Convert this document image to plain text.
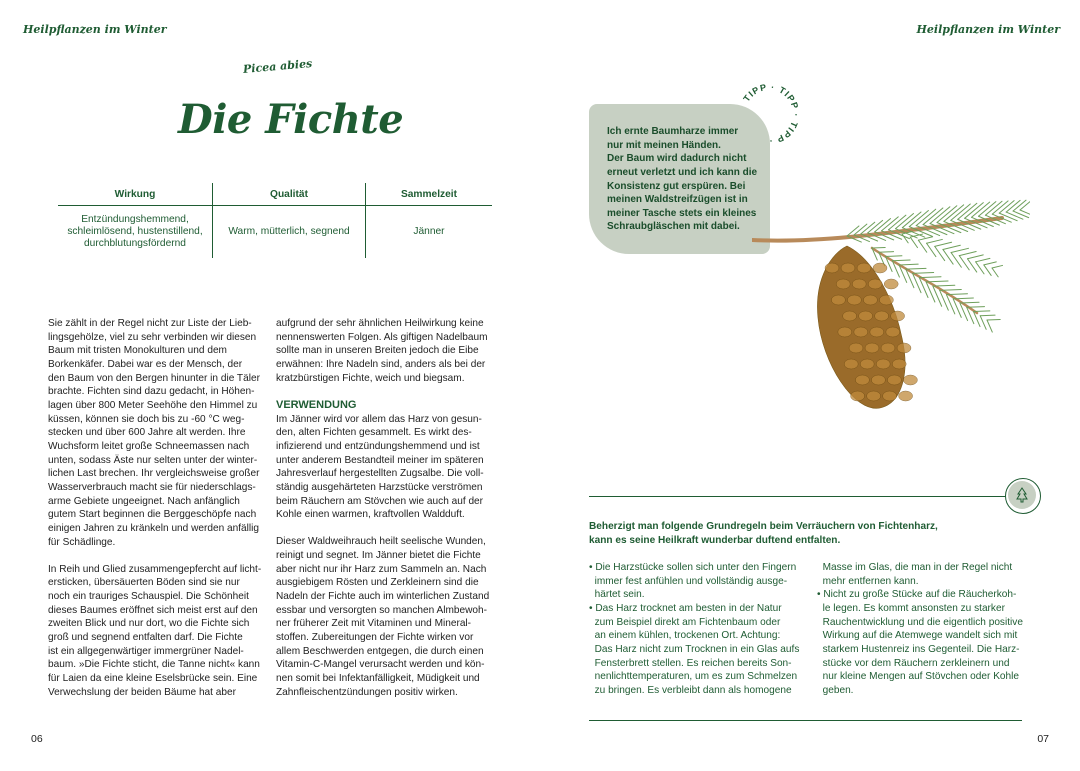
Heilpflanzen im Winter
Picea abies
Die Fichte
Wirkung	Qualität	Sammelzeit
Entzündungshemmend, schleimlösend, hustenstillend, durchblutungsfördernd	Warm, mütterlich, segnend	Jänner
Sie zählt in der Regel nicht zur Liste der Lieb-
lingsgehölze, viel zu sehr verbinden wir diesen
Baum mit tristen Monokulturen und dem
Borkenkäfer. Dabei war es der Mensch, der
den Baum von den Bergen hinunter in die Täler
brachte. Fichten sind dazu gedacht, in Höhen-
lagen über 800 Meter Seehöhe den Himmel zu
küssen, können sie doch bis zu -60 °C weg-
stecken und über 600 Jahre alt werden. Ihre
Wuchsform leitet große Schneemassen nach
unten, sodass Äste nur selten unter der winter-
lichen Last brechen. Ihr vergleichsweise großer
Wasserverbrauch macht sie für niederschlags-
arme Gebiete ungeeignet. Nach anfänglich
gutem Start beginnen die Berggeschöpfe nach
einigen Jahren zu kränkeln und werden anfällig
für Schädlinge.
In Reih und Glied zusammengepfercht auf licht-
ersticken, übersäuerten Böden sind sie nur
noch ein trauriges Schauspiel. Die Schönheit
dieses Baumes eröffnet sich meist erst auf den
zweiten Blick und nur dort, wo die Fichte sich
groß und segnend entfalten darf. Die Fichte
ist ein allgegenwärtiger immergrüner Nadel-
baum. »Die Fichte sticht, die Tanne nicht« kann
für Laien da eine kleine Eselsbrücke sein. Eine
Verwechslung der beiden Bäume hat aber
aufgrund der sehr ähnlichen Heilwirkung keine
nennenswerten Folgen. Als giftigen Nadelbaum
sollte man in unseren Breiten jedoch die Eibe
erwähnen: Ihre Nadeln sind, anders als bei der
kratzbürstigen Fichte, weich und biegsam.
VERWENDUNG
Im Jänner wird vor allem das Harz von gesun-
den, alten Fichten gesammelt. Es wirkt des-
infizierend und entzündungshemmend und ist
unter anderem Bestandteil meiner im späteren
Jahresverlauf hergestellten Zugsalbe. Die voll-
ständig ausgehärteten Harzstücke verströmen
beim Räuchern am Stövchen wie auch auf der
Kohle einen warmen, kraftvollen Waldduft.
Dieser Waldweihrauch heilt seelische Wunden,
reinigt und segnet. Im Jänner bietet die Fichte
aber nicht nur ihr Harz zum Sammeln an. Nach
ausgiebigem Rösten und Zerkleinern sind die
Nadeln der Fichte auch im winterlichen Zustand
essbar und versorgten so manchen Almbewoh-
ner früherer Zeit mit Vitaminen und Mineral-
stoffen. Zubereitungen der Fichte wirken vor
allem Beschwerden entgegen, die durch einen
Vitamin-C-Mangel verursacht werden und kön-
nen somit bei Infektanfälligkeit, Müdigkeit und
Zahnfleischentzündungen positiv wirken.
06
Heilpflanzen im Winter
TIPP · TIPP · TIPP ·
Ich ernte Baumharze immer
nur mit meinen Händen.
Der Baum wird dadurch nicht
erneut verletzt und ich kann die
Konsistenz gut erspüren. Bei
meinen Waldstreifzügen ist in
meiner Tasche stets ein kleines
Schraubgläschen mit dabei.
Beherzigt man folgende Grundregeln beim Verräuchern von Fichtenharz,
kann es seine Heilkraft wunderbar duftend entfalten.
• Die Harzstücke sollen sich unter den Fingern
immer fest anfühlen und vollständig ausge-
härtet sein.
• Das Harz trocknet am besten in der Natur
zum Beispiel direkt am Fichtenbaum oder
an einem kühlen, trockenen Ort. Achtung:
Das Harz nicht zum Trocknen in ein Glas aufs
Fensterbrett stellen. Es reichen bereits Son-
nenlichttemperaturen, um es zum Schmelzen
zu bringen. Es verbleibt dann als homogene
Masse im Glas, die man in der Regel nicht
mehr entfernen kann.
• Nicht zu große Stücke auf die Räucherkoh-
le legen. Es kommt ansonsten zu starker
Rauchentwicklung und die eigentlich positive
Wirkung auf die Atemwege wandelt sich mit
starkem Hustenreiz ins Gegenteil. Die Harz-
stücke vor dem Räuchern zerkleinern und
nur kleine Mengen auf Stövchen oder Kohle
geben.
07
